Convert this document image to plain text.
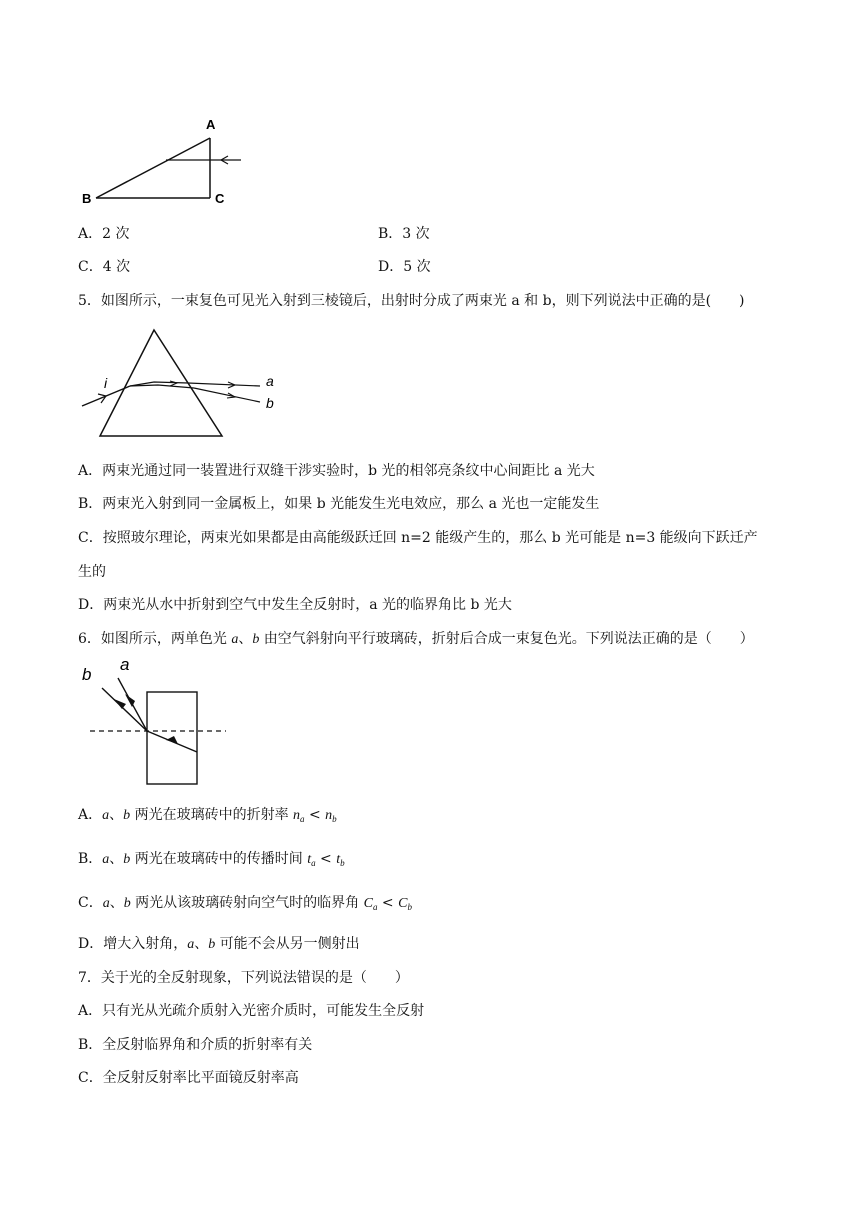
A
B	C
A．2 次	B．3 次
C．4 次	D．5 次
5．如图所示，一束复色可见光入射到三棱镜后，出射时分成了两束光 a 和 b，则下列说法中正确的是(　　)
i	a
b
A．两束光通过同一装置进行双缝干涉实验时，b 光的相邻亮条纹中心间距比 a 光大
B．两束光入射到同一金属板上，如果 b 光能发生光电效应，那么 a 光也一定能发生
C．按照玻尔理论，两束光如果都是由高能级跃迁回 n=2 能级产生的，那么 b 光可能是 n=3 能级向下跃迁产
生的
D．两束光从水中折射到空气中发生全反射时，a 光的临界角比 b 光大
6．如图所示，两单色光 a、b 由空气斜射向平行玻璃砖，折射后合成一束复色光。下列说法正确的是（　　）
b
a
A．a、b 两光在玻璃砖中的折射率 $n_a < n_b$
B．a、b 两光在玻璃砖中的传播时间 $t_a < t_b$
C．a、b 两光从该玻璃砖射向空气时的临界角 $C_a < C_b$
D．增大入射角，a、b 可能不会从另一侧射出
7．关于光的全反射现象，下列说法错误的是（　　）
A．只有光从光疏介质射入光密介质时，可能发生全反射
B．全反射临界角和介质的折射率有关
C．全反射反射率比平面镜反射率高
